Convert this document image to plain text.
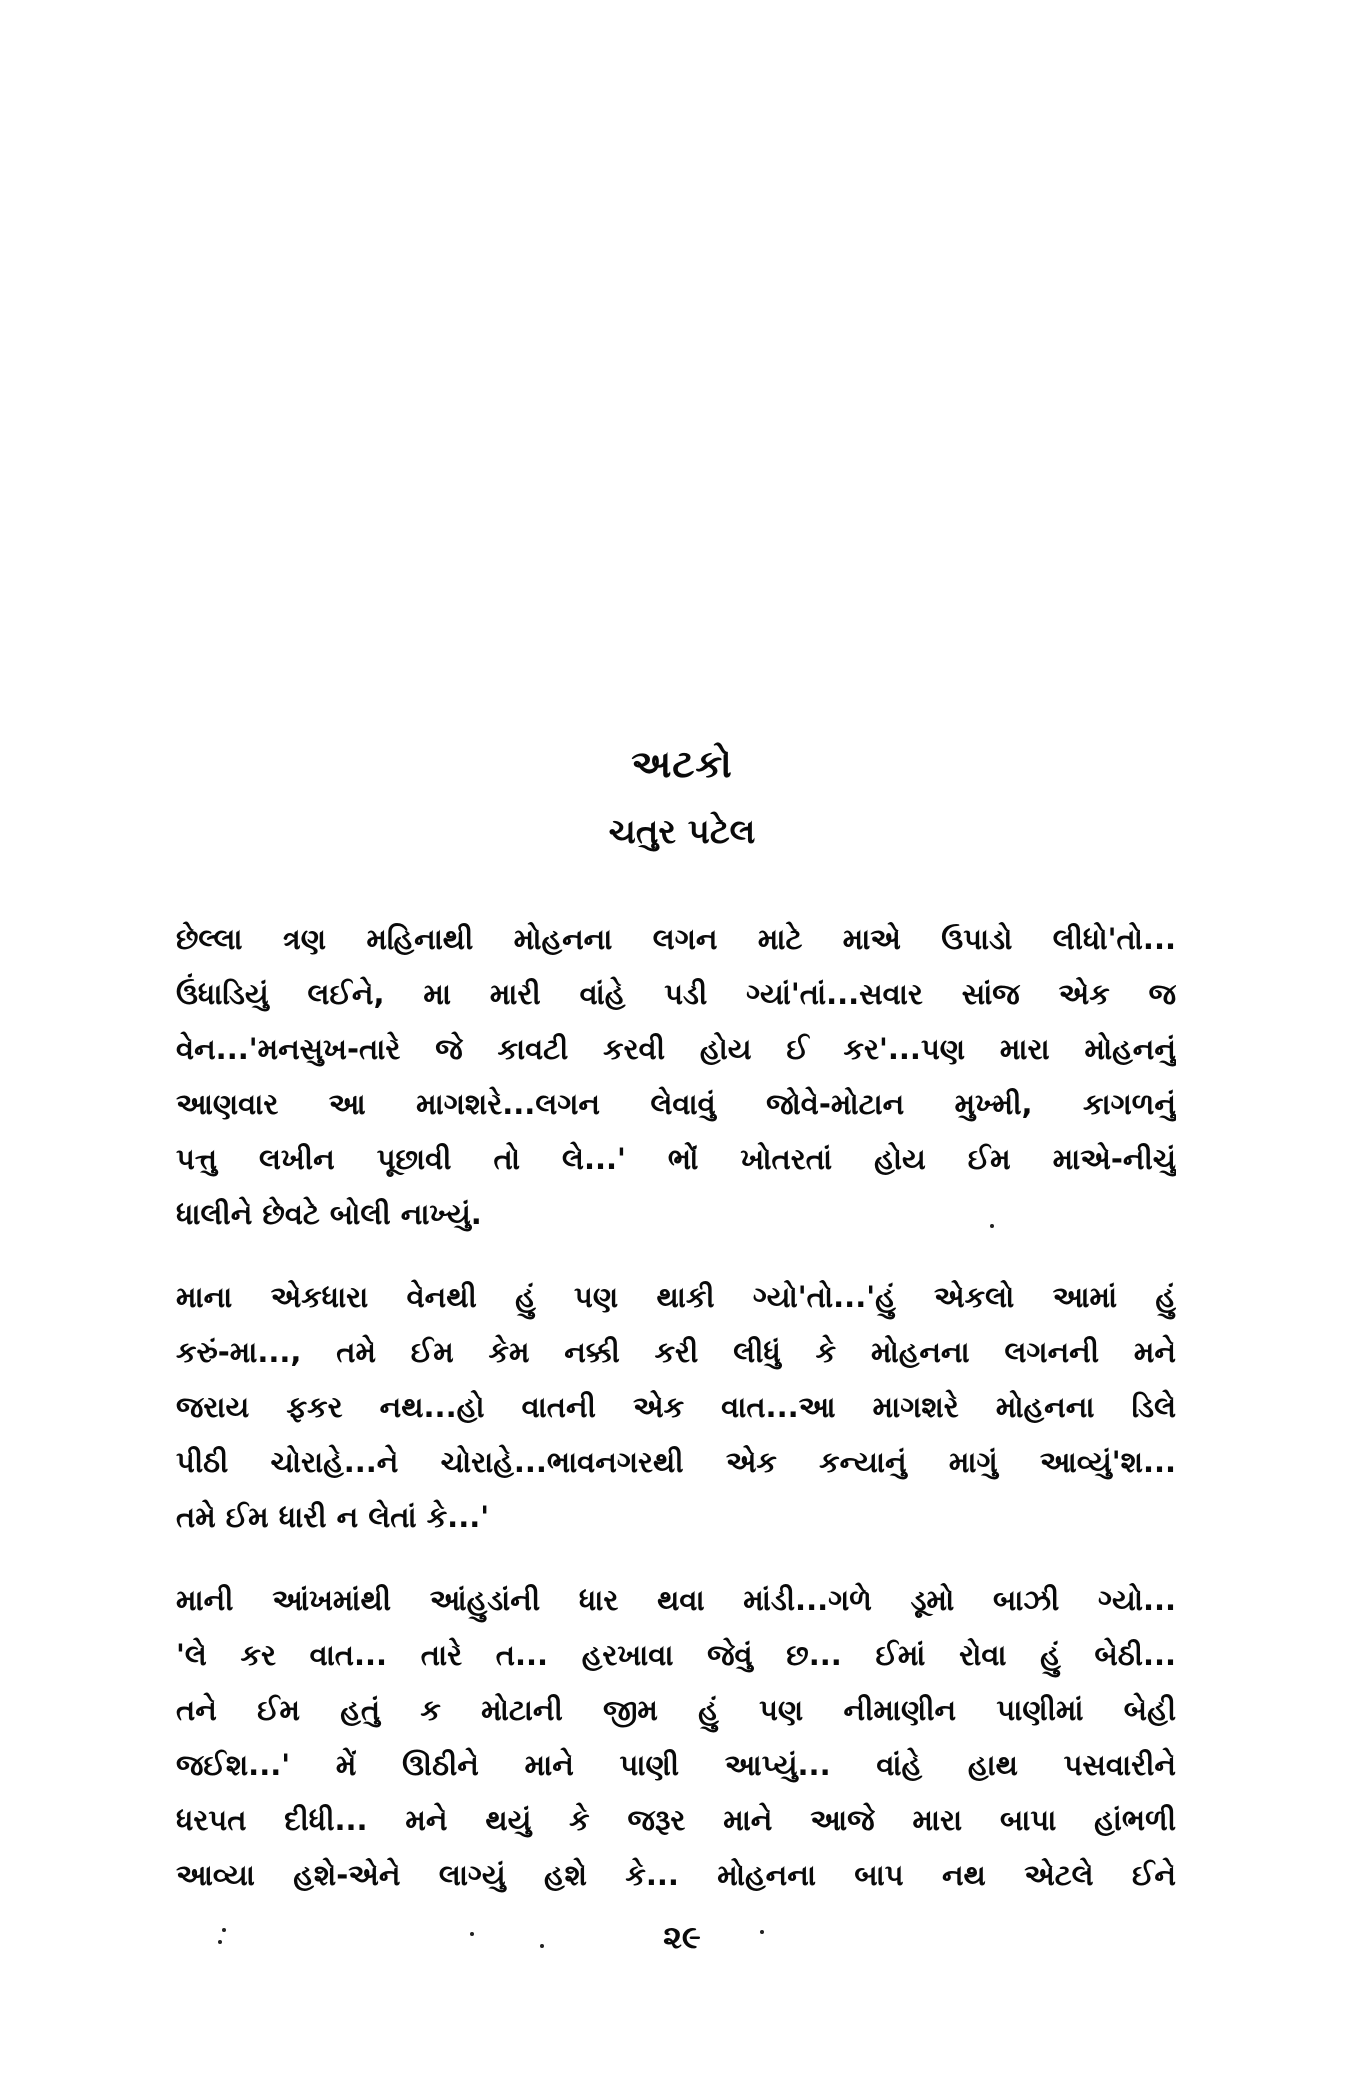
અટકો
ચતુર પટેલ
છેલ્લા ત્રણ મહિનાથી મોહનના લગન માટે માએ ઉપાડો લીધો'તો...
ઉંધાડિયું લઈને, મા મારી વાંહે પડી ગ્યાં'તાં...સવાર સાંજ એક જ
વેન...'મનસુખ-તારે જે કાવટી કરવી હોય ઈ કર'...પણ મારા મોહનનું
આણવાર આ માગશરે...લગન લેવાવું જોવે-મોટાન મુખ્મી, કાગળનું
પત્તુ લખીન પૂછાવી તો લે...' ભોં ખોતરતાં હોય ઈમ માએ-નીચું
ધાલીને છેવટે બોલી નાખ્યું.
માના એકધારા વેનથી હું પણ થાકી ગ્યો'તો...'હું એકલો આમાં હું
કરું-મા..., તમે ઈમ કેમ નક્કી કરી લીધું કે મોહનના લગનની મને
જરાય ફકર નથ...હો વાતની એક વાત...આ માગશરે મોહનના ડિલે
પીઠી ચોરાહે...ને ચોરાહે...ભાવનગરથી એક કન્યાનું માગું આવ્યું'શ...
તમે ઈમ ધારી ન લેતાં કે...'
માની આંખમાંથી આંહુડાંની ધાર થવા માંડી...ગળે ડૂમો બાઝી ગ્યો...
'લે કર વાત... તારે ત... હરખાવા જેવું છ... ઈમાં રોવા હું બેઠી...
તને ઈમ હતું ક મોટાની જીમ હું પણ નીમાણીન પાણીમાં બેહી
જઈશ...' મેં ઊઠીને માને પાણી આપ્યું... વાંહે હાથ પસવારીને
ધરપત દીધી... મને થયું કે જરૂર માને આજે મારા બાપા હાંભળી
આવ્યા હશે-એને લાગ્યું હશે કે... મોહનના બાપ નથ એટલે ઈને
૨૯
